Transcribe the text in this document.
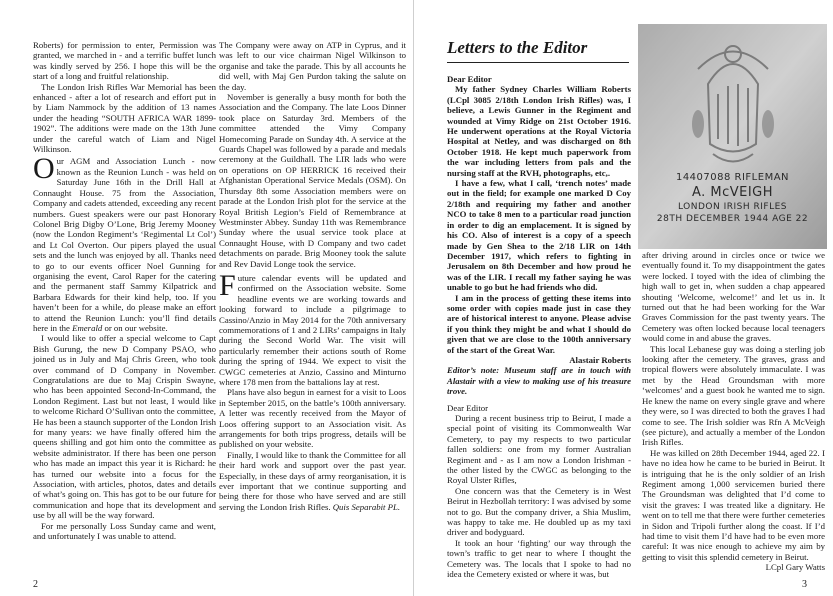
Roberts) for permission to enter, Permission was granted, we marched in - and a terrific buffet lunch was kindly served by 256. I hope this will be the start of a long and fruitful relationship.

The London Irish Rifles War Memorial has been enhanced - after a lot of research and effort put in by Liam Nammock by the addition of 13 names under the heading “SOUTH AFRICA WAR 1899-1902”. The additions were made on the 13th June under the careful watch of Liam and Nigel Wilkinson.

Our AGM and Association Lunch - now known as the Reunion Lunch - was held on Saturday June 16th in the Drill Hall at Connaught House. 75 from the Association, Company and cadets attended, exceeding any recent numbers. Guest speakers were our past Honorary Colonel Brig Digby O’Lone, Brig Jeremy Mooney (now the London Regiment’s ‘Regimental Lt Col’) and Lt Col Overton. Our pipers played the usual sets and the lunch was enjoyed by all. Thanks need to go to our events officer Noel Gunning for organising the event, Carol Raper for the catering and the permanent staff Sammy Kilpatrick and Barbara Edwards for their kind help, too. If you haven’t been for a while, do please make an effort to attend the Reunion Lunch: you’ll find details here in the Emerald or on our website.

I would like to offer a special welcome to Capt Bish Gurung, the new D Company PSAO, who joined us in July and Maj Chris Green, who took over command of D Company in November. Congratulations are due to Maj Crispin Swayne, who has been appointed Second-In-Command, the London Regiment. Last but not least, I would like to welcome Richard O’Sullivan onto the committee, He has been a staunch supporter of the London Irish for many years: we have finally offered him the queens shilling and got him onto the committee as website administrator. If there has been one person who has made an impact this year it is Richard: he has turned our website into a focus for the Association, with articles, photos, dates and details of what’s going on. This has got to be our future for communication and hope that its development and use by all will be the way forward.

For me personally Loss Sunday came and went, and unfortunately I was unable to attend.

The Company were away on ATP in Cyprus, and it was left to our vice chairman Nigel Wilkinson to organise and take the parade. This by all accounts he did well, with Maj Gen Purdon taking the salute on the day.

November is generally a busy month for both the Association and the Company. The late Loos Dinner took place on Saturday 3rd. Members of the committee attended the Vimy Company Homecoming Parade on Sunday 4th. A service at the Guards Chapel was followed by a parade and medals ceremony at the Guildhall. The LIR lads who were on operations on OP HERRICK 16 received their Afghanistan Operational Service Medals (OSM). On Thursday 8th some Association members were on parade at the London Irish plot for the service at the Royal British Legion’s Field of Remembrance at Westminster Abbey. Sunday 11th was Remembrance Sunday where the usual service took place at Connaught House, with D Company and two cadet detachments on parade. Brig Mooney took the salute and Rev David Longe took the service.

Future calendar events will be updated and confirmed on the Association website. Some headline events we are working towards and looking forward to include a pilgrimage to Cassino/Anzio in May 2014 for the 70th anniversary commemorations of 1 and 2 LIRs’ campaigns in Italy during the Second World War. The visit will particularly remember their actions south of Rome during the spring of 1944. We expect to visit the CWGC cemeteries at Anzio, Cassino and Minturno where 178 men from the battalions lay at rest.

Plans have also begun in earnest for a visit to Loos in September 2015, on the battle’s 100th anniversary. A letter was recently received from the Mayor of Loos offering support to an Association visit. As arrangements for both trips progress, details will be published on your website.

Finally, I would like to thank the Committee for all their hard work and support over the past year. Especially, in these days of army reorganisation, it is ever important that we continue supporting and being there for those who have served and are still serving the London Irish Rifles. Quis Separabit PL.

2
Letters to the Editor
14407088 RIFLEMAN
A. McVEIGH
LONDON IRISH RIFLES
28TH DECEMBER 1944 AGE 22

Dear Editor

My father Sydney Charles William Roberts (LCpl 3085 2/18th London Irish Rifles) was, I believe, a Lewis Gunner in the Regiment and wounded at Vimy Ridge on 21st October 1916. He underwent operations at the Royal Victoria Hospital at Netley, and was discharged on 8th October 1918. He kept much paperwork from the war including letters from pals and the nursing staff at the RVH, photographs, etc,.

I have a few, what I call, ‘trench notes’ made out in the field; for example one marked D Coy 2/18th and requiring my father and another NCO to take 8 men to a particular road junction in order to dig an emplacement. It is signed by his CO. Also of interest is a copy of a speech made by Gen Shea to the 2/18 LIR on 14th December 1917, which refers to fighting in Jerusalem on 8th December and how proud he was of the LIR. I recall my father saying he was unable to go but he had friends who did.

I am in the process of getting these items into some order with copies made just in case they are of historical interest to anyone. Please advise if you think they might be and what I should do given that we are close to the 100th anniversary of the start of the Great War.

Alastair Roberts

Editor’s note: Museum staff are in touch with Alastair with a view to making use of his treasure trove.

Dear Editor

During a recent business trip to Beirut, I made a special point of visiting its Commonwealth War Cemetery, to pay my respects to two particular fallen soldiers: one from my former Australian Regiment and - as I am now a London Irishman - the other listed by the CWGC as belonging to the Royal Ulster Rifles,

One concern was that the Cemetery is in West Beirut in Hezbollah territory: I was advised by some not to go. But the company driver, a Shia Muslim, was happy to take me. He doubled up as my taxi driver and bodyguard.

It took an hour ‘fighting’ our way through the town’s traffic to get near to where I thought the Cemetery was. The locals that I spoke to had no idea the Cemetery existed or where it was, but

after driving around in circles once or twice we eventually found it. To my disappointment the gates were locked. I toyed with the idea of climbing the high wall to get in, when sudden a chap appeared shouting ‘Welcome, welcome!’ and let us in. It turned out that he had been working for the War Graves Commission for the past twenty years. The Cemetery was often locked because local teenagers would come in and abuse the graves.

This local Lebanese guy was doing a sterling job looking after the cemetery. The graves, grass and tropical flowers were absolutely immaculate. I was met by the Head Groundsman with more ‘welcomes’ and a guest book he wanted me to sign. He knew the name on every single grave and where they were, so I was directed to both the graves I had come to see. The Irish soldier was Rfn A McVeigh (see picture), and actually a member of the London Irish Rifles.

He was killed on 28th December 1944, aged 22. I have no idea how he came to be buried in Beirut. It is intriguing that he is the only soldier of an Irish Regiment among 1,000 servicemen buried there The Groundsman was delighted that I’d come to visit the graves: I was treated like a dignitary. He went on to tell me that there were further cemeteries in Sidon and Tripoli further along the coast. If I’d had time to visit them I’d have had to be even more careful: It was nice enough to achieve my aim by getting to visit this splendid cemetery in Beirut.

LCpl Gary Watts

3
